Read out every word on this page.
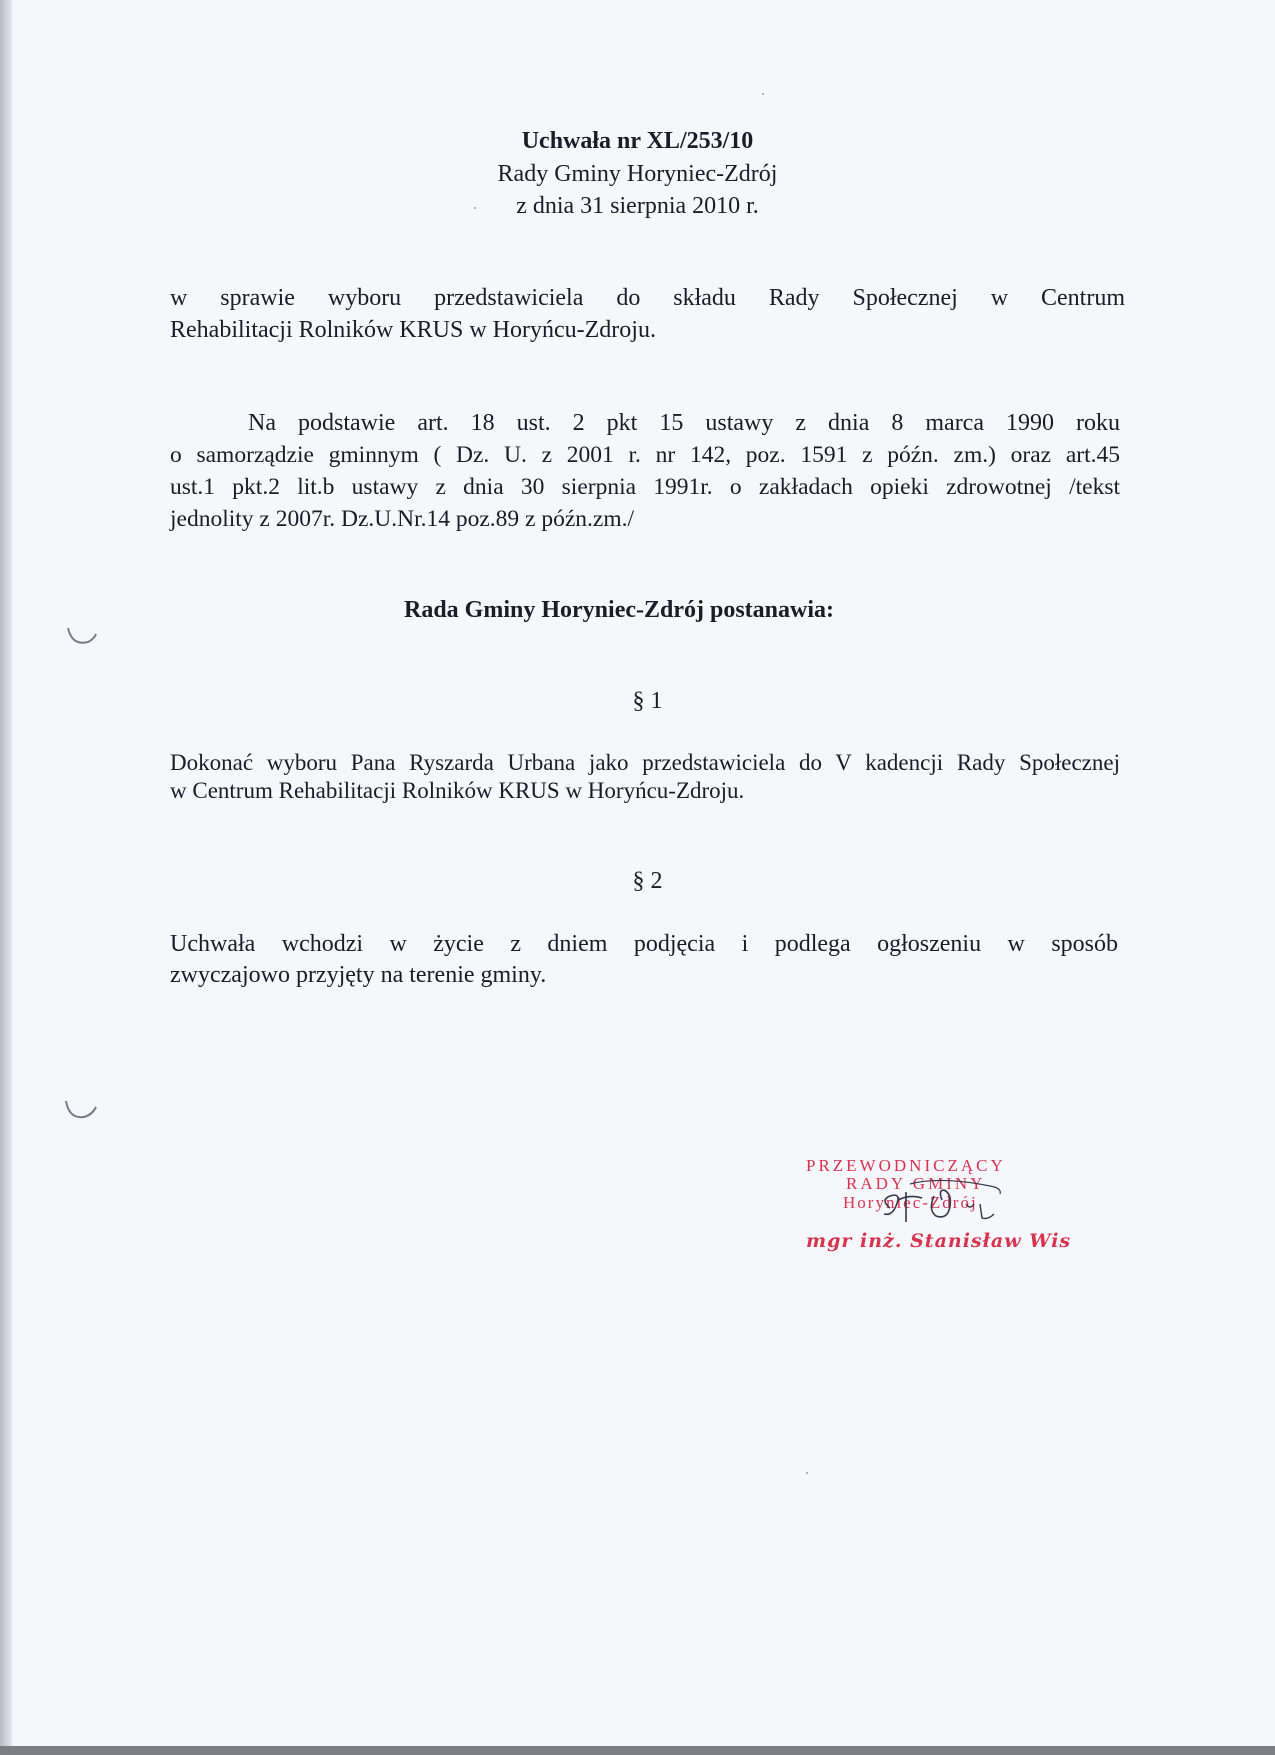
Uchwała nr XL/253/10
Rady Gminy Horyniec-Zdrój
z dnia 31 sierpnia 2010 r.
w sprawie wyboru przedstawiciela do składu Rady Społecznej w Centrum
Rehabilitacji Rolników KRUS w Horyńcu-Zdroju.
Na podstawie art. 18 ust. 2 pkt 15 ustawy z dnia 8 marca 1990 roku
o samorządzie gminnym ( Dz. U. z 2001 r. nr 142, poz. 1591 z późn. zm.) oraz art.45
ust.1 pkt.2 lit.b ustawy z dnia 30 sierpnia 1991r. o zakładach opieki zdrowotnej /tekst
jednolity z 2007r. Dz.U.Nr.14 poz.89 z późn.zm./
Rada Gminy Horyniec-Zdrój postanawia:
§ 1
Dokonać wyboru Pana Ryszarda Urbana jako przedstawiciela do V kadencji Rady Społecznej
w Centrum Rehabilitacji Rolników KRUS w Horyńcu-Zdroju.
§ 2
Uchwała wchodzi w życie z dniem podjęcia i podlega ogłoszeniu w sposób
zwyczajowo przyjęty na terenie gminy.
PRZEWODNICZĄCY
RADY GMINY
Horyniec-Zdrój
mgr inż. Stanisław Wis
